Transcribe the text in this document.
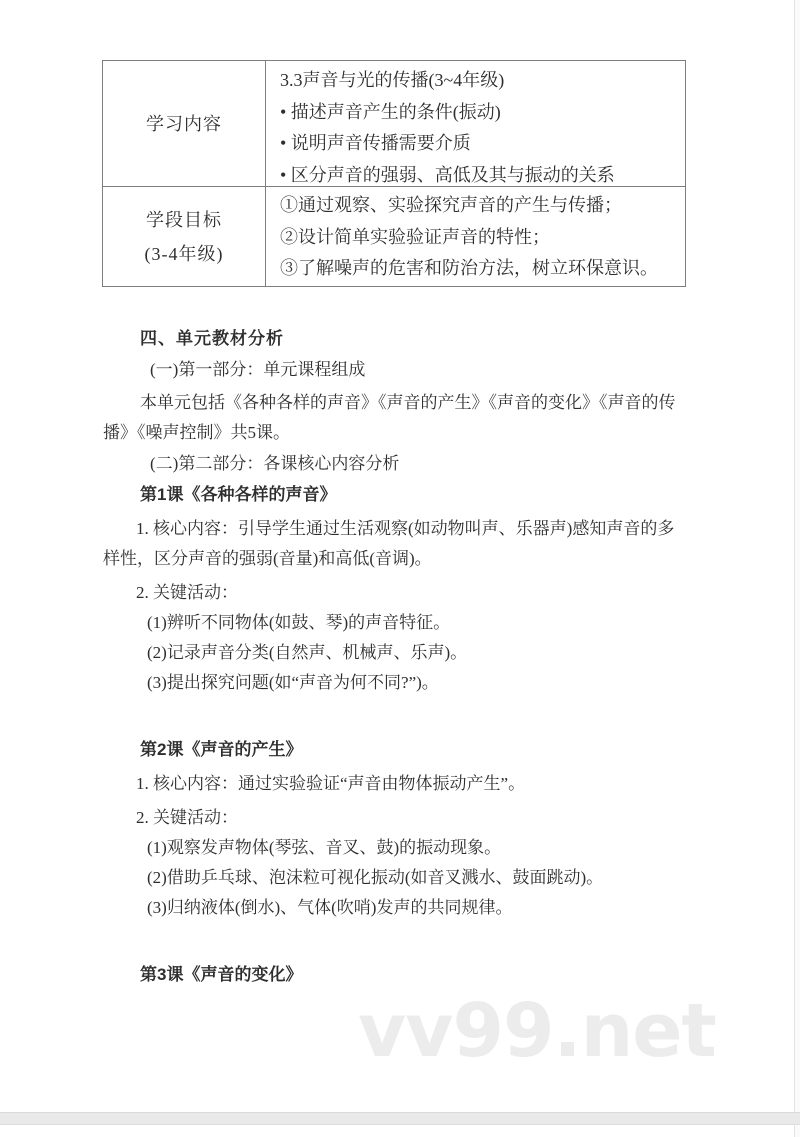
vv99.net
学习内容
3.3声音与光的传播(3~4年级)
• 描述声音产生的条件(振动)
• 说明声音传播需要介质
• 区分声音的强弱、高低及其与振动的关系
学段目标
(3-4年级)
①通过观察、实验探究声音的产生与传播；
②设计简单实验验证声音的特性；
③了解噪声的危害和防治方法，树立环保意识。
四、单元教材分析
(一)第一部分：单元课程组成
本单元包括《各种各样的声音》《声音的产生》《声音的变化》《声音的传
播》《噪声控制》共5课。
(二)第二部分：各课核心内容分析
第1课《各种各样的声音》
1. 核心内容：引导学生通过生活观察(如动物叫声、乐器声)感知声音的多
样性，区分声音的强弱(音量)和高低(音调)。
2. 关键活动：
(1)辨听不同物体(如鼓、琴)的声音特征。
(2)记录声音分类(自然声、机械声、乐声)。
(3)提出探究问题(如“声音为何不同?”)。
第2课《声音的产生》
1. 核心内容：通过实验验证“声音由物体振动产生”。
2. 关键活动：
(1)观察发声物体(琴弦、音叉、鼓)的振动现象。
(2)借助乒乓球、泡沫粒可视化振动(如音叉溅水、鼓面跳动)。
(3)归纳液体(倒水)、气体(吹哨)发声的共同规律。
第3课《声音的变化》
